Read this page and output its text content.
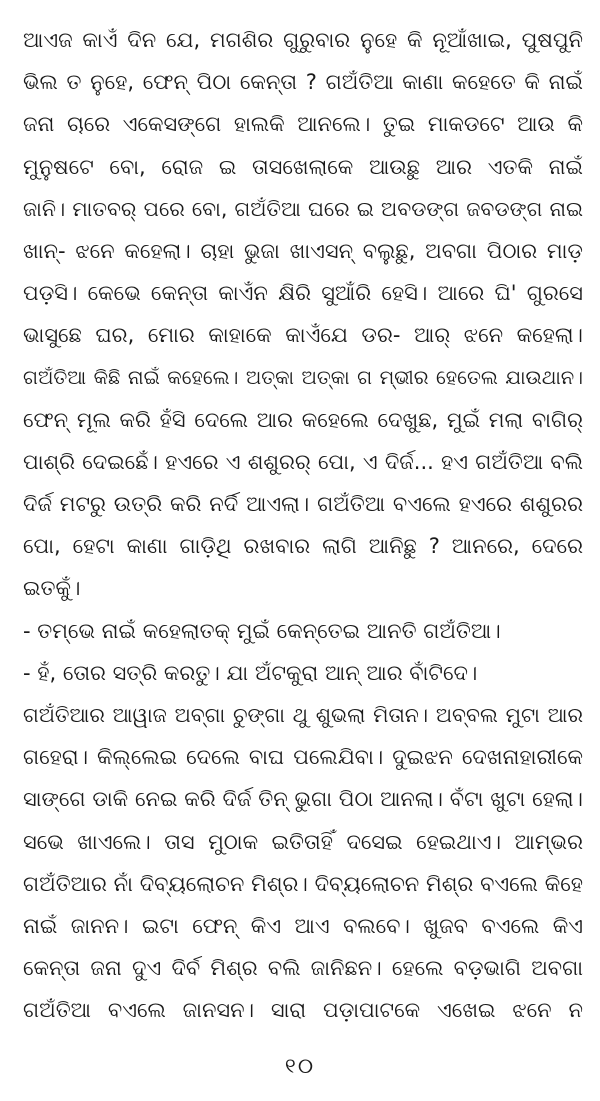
ଆଏଜ କାଏଁ ଦିନ ଯେ, ମଗଶିର ଗୁରୁବାର ନୁହେ କି ନୂଆଁଖାଇ, ପୁଷପୁନି
ଭିଲ ତ ନୁହେ, ଫେନ୍ ପିଠା କେନ୍ତା ? ଗଅଁତିଆ କାଣା କହେତେ କି ନାଇଁ
ଜନା ଚାରେ ଏକେସଙ୍ଗେ ହାଲକି ଆନଲେ। ତୁଇ ମାକଡଟେ ଆଉ କି
ମୁନୁଷଟେ ବୋ, ରୋଜ ଇ ତାସଖେଲାକେ ଆଉଛୁ ଆର ଏତକି ନାଇଁ
ଜାନି। ମାତବର୍ ପରେ ବୋ, ଗଅଁତିଆ ଘରେ ଇ ଅବଡଙ୍ଗ ଜବଡଙ୍ଗ ନାଇ
ଖାନ୍- ଝନେ କହେଲା। ଚାହା ଭୁଜା ଖାଏସନ୍ ବଲୁଛୁ, ଅବଗା ପିଠାର ମାଡ଼
ପଡ଼ସି। କେଭେ କେନ୍ତା କାଏଁନ କ୍ଷିରି ସୁଆଁରି ହେସି। ଆରେ ଘି' ଗୁରସେ
ଭାସୁଛେ ଘର, ମୋର କାହାକେ କାଏଁଯେ ଡର- ଆର୍ ଝନେ କହେଲା।
ଗଅଁତିଆ କିଛି ନାଇଁ କହେଲେ। ଅତ୍‌କା ଅତ୍‌କା ଗ ମ୍ଭୀର ହେତେଲ ଯାଉଥାନ।
ଫେନ୍ ମୂଲ କରି ହଁସି ଦେଲେ ଆର କହେଲେ ଦେଖୁଛ, ମୁଇଁ ମଲା ବାଗିର୍
ପାଶ୍ରି ଦେଇଛେଁ। ହଏରେ ଏ ଶଶୁରର୍ ପୋ, ଏ ଦିର୍ଜ... ହଏ ଗଅଁତିଆ ବଲି
ଦିର୍ଜ ମଟରୁ ଉତ୍ରି କରି ନର୍ଦି ଆଏଲା। ଗଅଁତିଆ ବଏଲେ ହଏରେ ଶଶୁରର
ପୋ, ହେଟା କାଣା ଗାଡ଼ିଥି ରଖବାର ଲାଗି ଆନିଛୁ ? ଆନରେ, ଦେରେ
ଇତକୁଁ।
- ତମ୍ଭେ ନାଇଁ କହେଲାତକ୍ ମୁଇଁ କେନ୍ତେଇ ଆନତି ଗଅଁତିଆ।
- ହଁ, ତୋର ସତ୍ରି କରତୁ। ଯା ଅଁଟକୁରା ଆନ୍ ଆର ବାଁଟିଦେ।
ଗଅଁତିଆର ଆୱାଜ ଅବ୍‌ଗା ଚୁଙ୍ଗା ଥୁ ଶୁଭଲା ମିତାନ। ଅବ୍‌ବଲ ମୁଟା ଆର
ଗହେରା। କିଲ୍ଲେଇ ଦେଲେ ବାଘ ପଲେଯିବା। ଦୁଇଝନ ଦେଖନାହାରୀକେ
ସାଙ୍ଗେ ଡାକି ନେଇ କରି ଦିର୍ଜ ତିନ୍ ଭୁଗା ପିଠା ଆନଲା। ବଁଟା ଖୁଟା ହେଲା।
ସଭେ ଖାଏଲେ। ତାସ ମୁଠାକ ଇତିତାହିଁ ଦସେଇ ହେଇଥାଏ। ଆମ୍ଭର
ଗଅଁତିଆର ନାଁ ଦିବ୍ୟଲୋଚନ ମିଶ୍ର। ଦିବ୍ୟଲୋଚନ ମିଶ୍ର ବଏଲେ କିହେ
ନାଇଁ ଜାନନ। ଇଟା ଫେନ୍ କିଏ ଆଏ ବଲବେ। ଖୁଜବ ବଏଲେ କିଏ
କେନ୍ତା ଜନା ଦୁଏ ଦିର୍ବ ମିଶ୍ର ବଲି ଜାନିଛନ। ହେଲେ ବଡ଼ଭାଗି ଅବଗା
ଗଅଁତିଆ ବଏଲେ ଜାନସନ। ସାରା ପଡ଼ାପାଟକେ ଏଖେଇ ଝନେ ନ
୧୦
